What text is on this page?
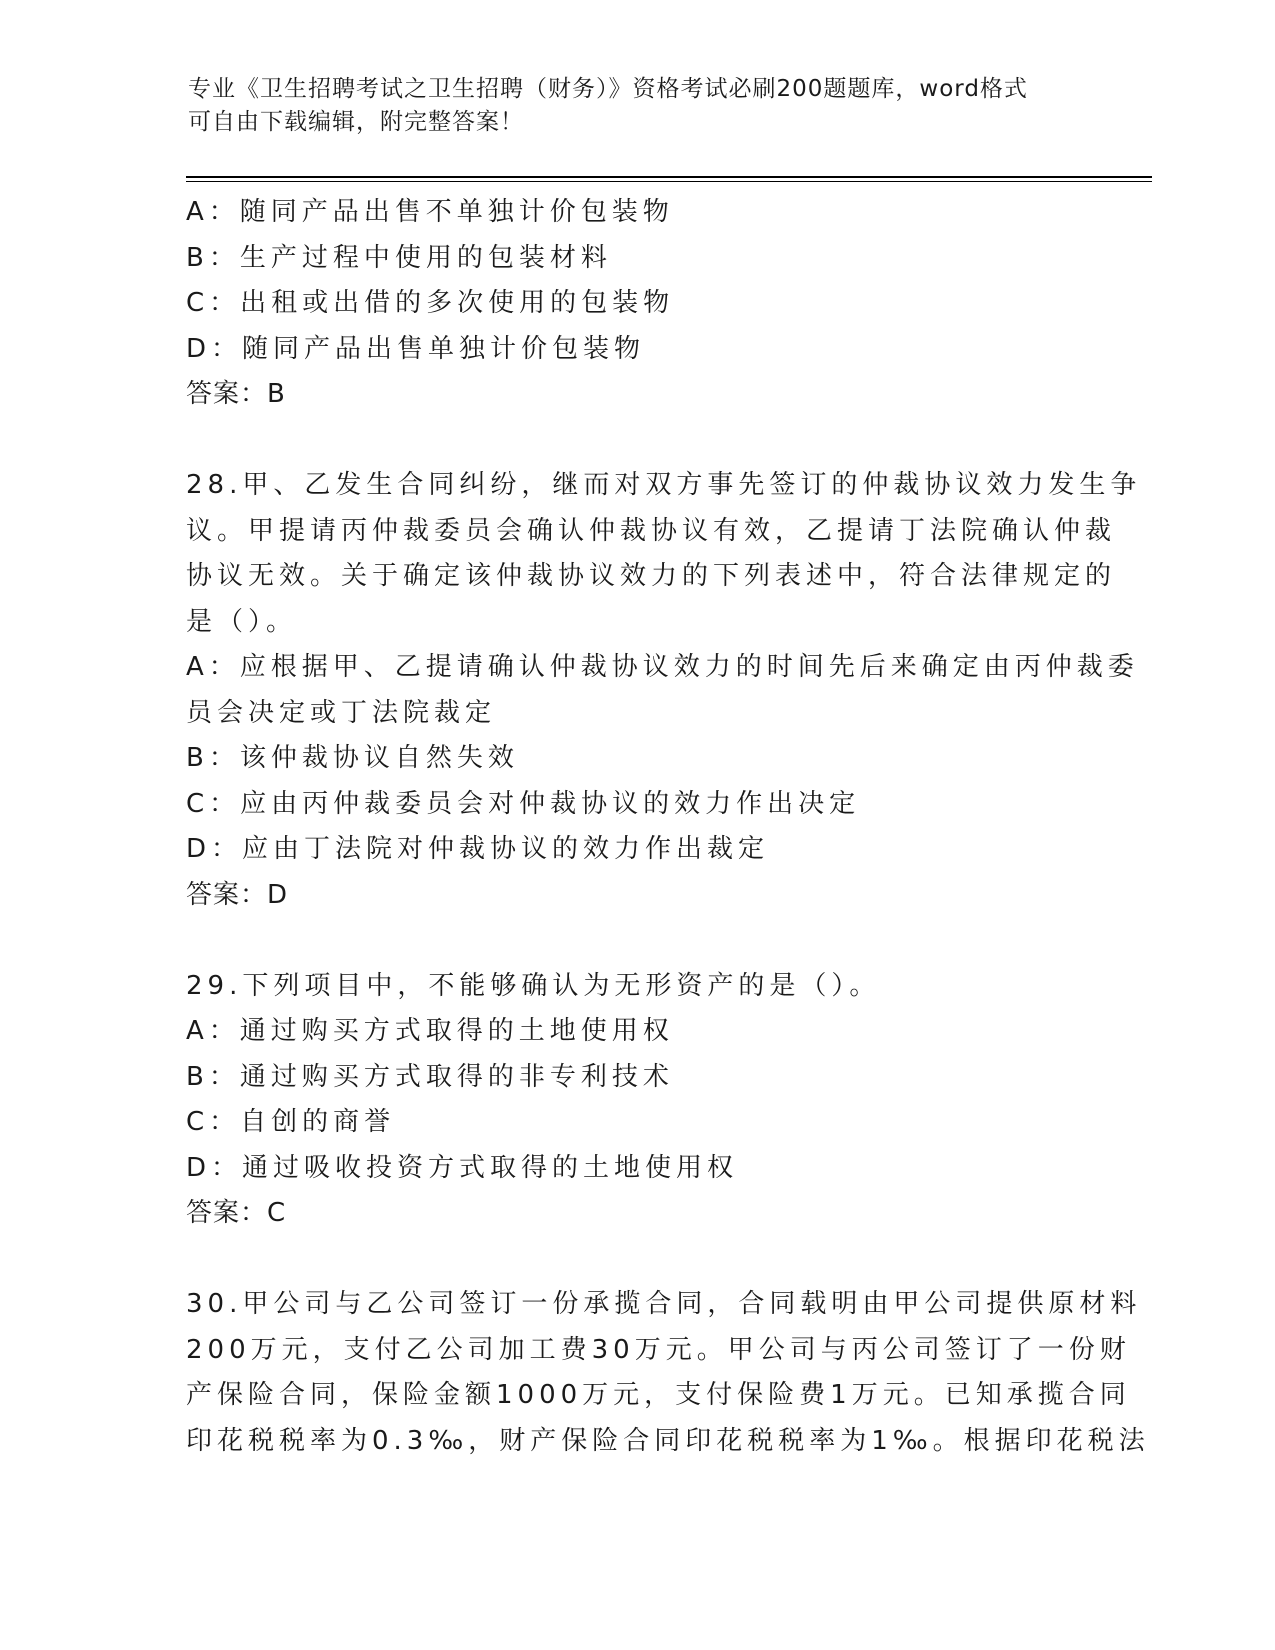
专业《卫生招聘考试之卫生招聘（财务）》资格考试必刷200题题库，word格式
可自由下载编辑，附完整答案！
A：随同产品出售不单独计价包装物
B：生产过程中使用的包装材料
C：出租或出借的多次使用的包装物
D：随同产品出售单独计价包装物
答案：B
28.甲、乙发生合同纠纷，继而对双方事先签订的仲裁协议效力发生争
议。甲提请丙仲裁委员会确认仲裁协议有效，乙提请丁法院确认仲裁
协议无效。关于确定该仲裁协议效力的下列表述中，符合法律规定的
是（）。
A：应根据甲、乙提请确认仲裁协议效力的时间先后来确定由丙仲裁委
员会决定或丁法院裁定
B：该仲裁协议自然失效
C：应由丙仲裁委员会对仲裁协议的效力作出决定
D：应由丁法院对仲裁协议的效力作出裁定
答案：D
29.下列项目中，不能够确认为无形资产的是（）。
A：通过购买方式取得的土地使用权
B：通过购买方式取得的非专利技术
C：自创的商誉
D：通过吸收投资方式取得的土地使用权
答案：C
30.甲公司与乙公司签订一份承揽合同，合同载明由甲公司提供原材料
200万元，支付乙公司加工费30万元。甲公司与丙公司签订了一份财
产保险合同，保险金额1000万元，支付保险费1万元。已知承揽合同
印花税税率为0.3‰，财产保险合同印花税税率为1‰。根据印花税法
